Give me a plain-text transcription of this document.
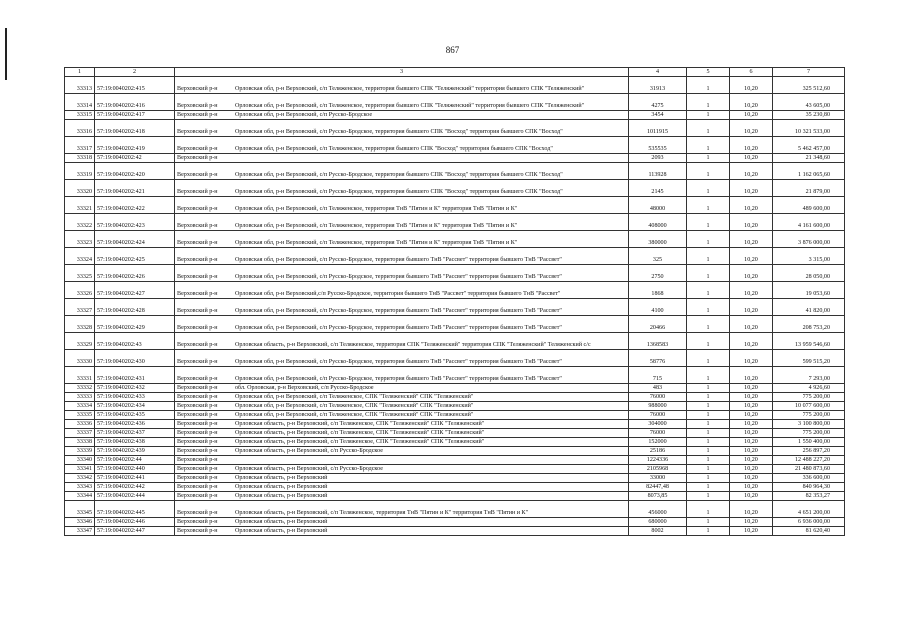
867
1	2	3	4	5	6	7
33313	57:19:0040202:415	Верховский р-н Орловская обл, р-н Верховский, с/п Теляженское, территория бывшего СПК "Теляженский" территория бывшего СПК "Теляженский"	31913	1	10,20	325 512,60
33314	57:19:0040202:416	Верховский р-н Орловская обл, р-н Верховский, с/п Теляженское, территория бывшего СПК "Теляженский" территория бывшего СПК "Теляженский"	4275	1	10,20	43 605,00
33315	57:19:0040202:417	Верховский р-н Орловская обл, р-н Верховский, с/п Русско-Бродское	3454	1	10,20	35 230,80
33316	57:19:0040202:418	Верховский р-н Орловская обл, р-н Верховский, с/п Русско-Бродское, территория бывшего СПК "Восход" территория бывшего СПК "Восход"	1011915	1	10,20	10 321 533,00
33317	57:19:0040202:419	Верховский р-н Орловская обл, р-н Верховский, с/п Теляженское, территория бывшего СПК "Восход" территория бывшего СПК "Восход"	535535	1	10,20	5 462 457,00
33318	57:19:0040202:42	Верховский р-н	2093	1	10,20	21 348,60
33319	57:19:0040202:420	Верховский р-н Орловская обл, р-н Верховский, с/п Русско-Бродское, территория бывшего СПК "Восход" территория бывшего СПК "Восход"	113928	1	10,20	1 162 065,60
33320	57:19:0040202:421	Верховский р-н Орловская обл, р-н Верховский, с/п Русско-Бродское, территория бывшего СПК "Восход" территория бывшего СПК "Восход"	2145	1	10,20	21 879,00
33321	57:19:0040202:422	Верховский р-н Орловская обл, р-н Верховский, с/п Теляженское, территория ТнВ "Пятин и К" территория ТнВ "Пятин и К"	48000	1	10,20	489 600,00
33322	57:19:0040202:423	Верховский р-н Орловская обл, р-н Верховский, с/п Теляженское, территория ТнВ "Пятин и К" территория ТнВ "Пятин и К"	408000	1	10,20	4 161 600,00
33323	57:19:0040202:424	Верховский р-н Орловская обл, р-н Верховский, с/п Теляженское, территория ТнВ "Пятин и К" территория ТнВ "Пятин и К"	380000	1	10,20	3 876 000,00
33324	57:19:0040202:425	Верховский р-н Орловская обл, р-н Верховский, с/п Русско-Бродское, территория бывшего ТнВ "Рассвет" территория бывшего ТнВ "Рассвет"	325	1	10,20	3 315,00
33325	57:19:0040202:426	Верховский р-н Орловская обл, р-н Верховский, с/п Русско-Бродское, территория бывшего ТнВ "Рассвет" территория бывшего ТнВ "Рассвет"	2750	1	10,20	28 050,00
33326	57:19:0040202:427	Верховский р-н Орловская обл, р-н Верховский,с/п Русско-Бродское, территория бывшего ТнВ "Рассвет" территория бывшего ТнВ "Рассвет"	1868	1	10,20	19 053,60
33327	57:19:0040202:428	Верховский р-н Орловская обл, р-н Верховский, с/п Русско-Бродское, территория бывшего ТнВ "Рассвет" территория бывшего ТнВ "Рассвет"	4100	1	10,20	41 820,00
33328	57:19:0040202:429	Верховский р-н Орловская обл, р-н Верховский, с/п Русско-Бродское, территория бывшего ТнВ "Рассвет" территория бывшего ТнВ "Рассвет"	20466	1	10,20	208 753,20
33329	57:19:0040202:43	Верховский р-н Орловская область, р-н Верховский, с/п Теляженское, территория СПК "Теляженский" территория СПК "Теляженский" Теляженский с/с	1368583	1	10,20	13 959 546,60
33330	57:19:0040202:430	Верховский р-н Орловская обл, р-н Верховский, с/п Русско-Бродское, территория бывшего ТнВ "Рассвет" территория бывшего ТнВ "Рассвет"	58776	1	10,20	599 515,20
33331	57:19:0040202:431	Верховский р-н Орловская обл, р-н Верховский, с/п Русско-Бродское, территория бывшего ТнВ "Рассвет" территория бывшего ТнВ "Рассвет"	715	1	10,20	7 293,00
33332	57:19:0040202:432	Верховский р-н обл. Орловская, р-н Верховский, с/п Русско-Бродское	483	1	10,20	4 926,60
33333	57:19:0040202:433	Верховский р-н Орловская обл, р-н Верховский, с/п Теляженское, СПК "Теляженский" СПК "Теляженский"	76000	1	10,20	775 200,00
33334	57:19:0040202:434	Верховский р-н Орловская обл, р-н Верховский, с/п Теляженское, СПК "Теляженский" СПК "Теляженский"	988000	1	10,20	10 077 600,00
33335	57:19:0040202:435	Верховский р-н Орловская обл, р-н Верховский, с/п Теляженское, СПК "Теляженский" СПК "Теляженский"	76000	1	10,20	775 200,00
33336	57:19:0040202:436	Верховский р-н Орловская область, р-н Верховский, с/п Теляженское, СПК "Теляженский" СПК "Теляженский"	304000	1	10,20	3 100 800,00
33337	57:19:0040202:437	Верховский р-н Орловская область, р-н Верховский, с/п Теляженское, СПК "Теляженский" СПК "Теляженский"	76000	1	10,20	775 200,00
33338	57:19:0040202:438	Верховский р-н Орловская область, р-н Верховский, с/п Теляженское, СПК "Теляженский" СПК "Теляженский"	152000	1	10,20	1 550 400,00
33339	57:19:0040202:439	Верховский р-н Орловская область, р-н Верховский, с/п Русско-Бродское	25186	1	10,20	256 897,20
33340	57:19:0040202:44	Верховский р-н	1224336	1	10,20	12 488 227,20
33341	57:19:0040202:440	Верховский р-н Орловская область, р-н Верховский, с/п Русско-Бродское	2105968	1	10,20	21 480 873,60
33342	57:19:0040202:441	Верховский р-н Орловская область, р-н Верховский	33000	1	10,20	336 600,00
33343	57:19:0040202:442	Верховский р-н Орловская область, р-н Верховский	82447,48	1	10,20	840 964,30
33344	57:19:0040202:444	Верховский р-н Орловская область, р-н Верховский	8073,85	1	10,20	82 353,27
33345	57:19:0040202:445	Верховский р-н Орловская область, р-н Верховский, с/п Теляженское, территория ТнВ "Пятин и К" территория ТнВ "Пятин и К"	456000	1	10,20	4 651 200,00
33346	57:19:0040202:446	Верховский р-н Орловская область, р-н Верховский	680000	1	10,20	6 936 000,00
33347	57:19:0040202:447	Верховский р-н Орловская область, р-н Верховский	8002	1	10,20	81 620,40
